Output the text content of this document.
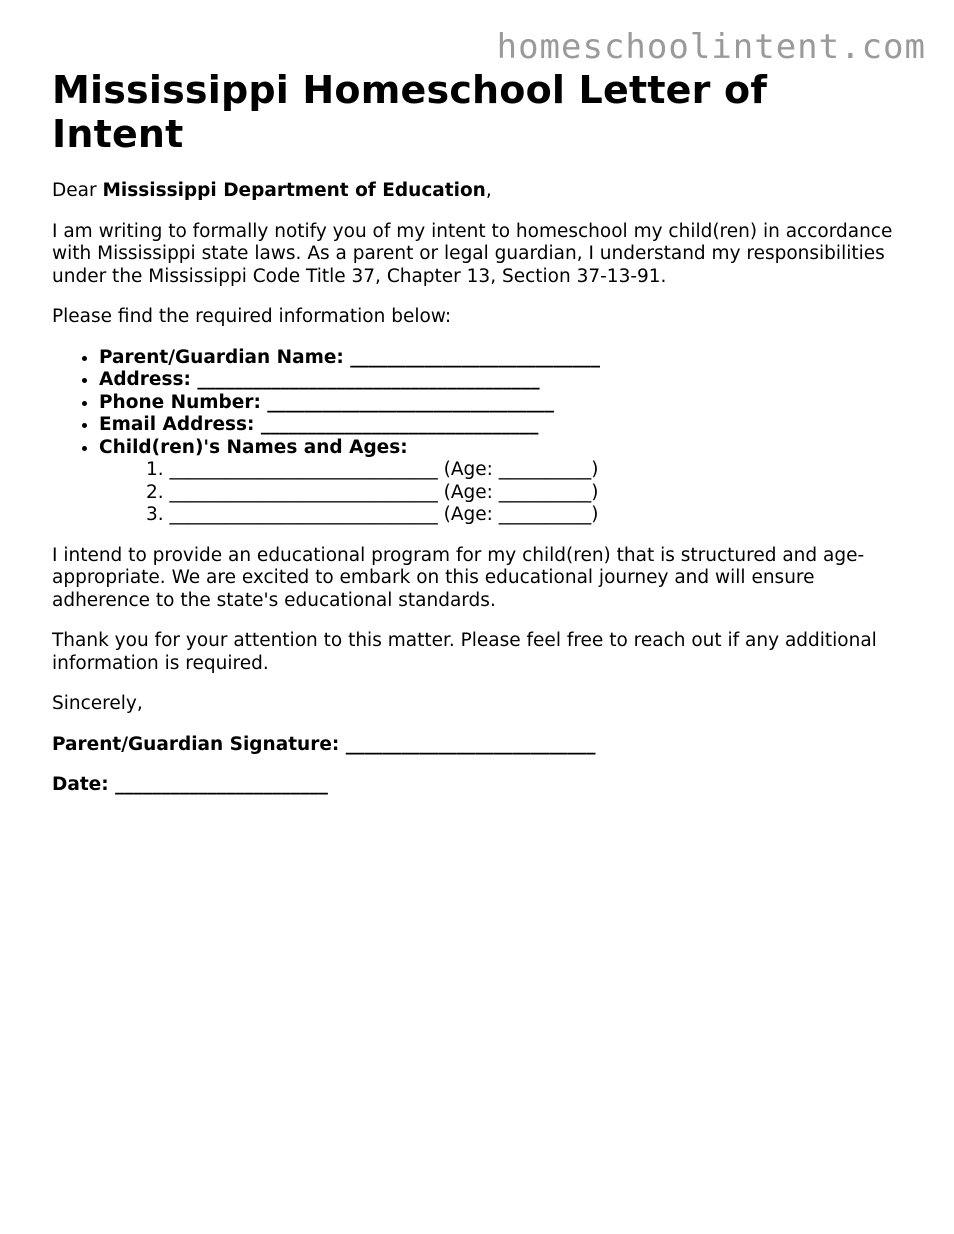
homeschoolintent.com
Mississippi Homeschool Letter of Intent

Dear Mississippi Department of Education,

I am writing to formally notify you of my intent to homeschool my child(ren) in accordance with Mississippi state laws. As a parent or legal guardian, I understand my responsibilities under the Mississippi Code Title 37, Chapter 13, Section 37-13-91.

Please find the required information below:

• Parent/Guardian Name: ___________________________
• Address: _____________________________________
• Phone Number: _______________________________
• Email Address: ______________________________
• Child(ren)'s Names and Ages:
1. _____________________________ (Age: __________)
2. _____________________________ (Age: __________)
3. _____________________________ (Age: __________)

I intend to provide an educational program for my child(ren) that is structured and age-appropriate. We are excited to embark on this educational journey and will ensure adherence to the state's educational standards.

Thank you for your attention to this matter. Please feel free to reach out if any additional information is required.

Sincerely,

Parent/Guardian Signature: ___________________________

Date: _______________________
